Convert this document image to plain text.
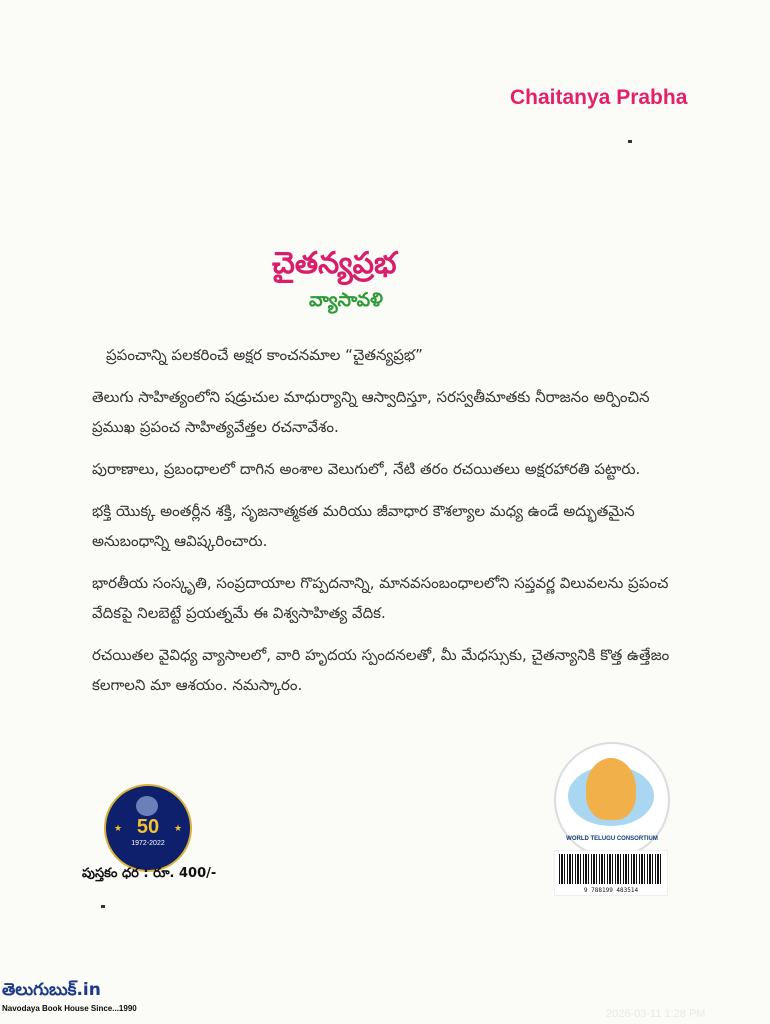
Chaitanya Prabha
చైతన్యప్రభ
వ్యాసావళి

ప్రపంచాన్ని పలకరించే అక్షర కాంచనమాల “చైతన్యప్రభ”

తెలుగు సాహిత్యంలోని షడ్రుచుల మాధుర్యాన్ని ఆస్వాదిస్తూ, సరస్వతీమాతకు నీరాజనం అర్పించిన ప్రముఖ ప్రపంచ సాహిత్యవేత్తల రచనావేశం.

పురాణాలు, ప్రబంధాలలో దాగిన అంశాల వెలుగులో, నేటి తరం రచయితలు అక్షరహారతి పట్టారు.

భక్తి యొక్క అంతర్లీన శక్తి, సృజనాత్మకత మరియు జీవాధార కౌశల్యాల మధ్య ఉండే అద్భుతమైన అనుబంధాన్ని ఆవిష్కరించారు.

భారతీయ సంస్కృతి, సంప్రదాయాల గొప్పదనాన్ని, మానవసంబంధాలలోని సప్తవర్ణ విలువలను ప్రపంచ వేదికపై నిలబెట్టే ప్రయత్నమే ఈ విశ్వసాహిత్య వేదిక.

రచయితల వైవిధ్య వ్యాసాలలో, వారి హృదయ స్పందనలతో, మీ మేధస్సుకు, చైతన్యానికి కొత్త ఉత్తేజం కలగాలని మా ఆశయం. నమస్కారం.

★	★
50
1972-2022
పుస్తకం ధర : రూ. 400/-
WORLD TELUGU CONSORTIUM
9 788199 483514
తెలుగుబుక్.in
Navodaya Book House Since...1990	2026-03-11 1:28 PM
